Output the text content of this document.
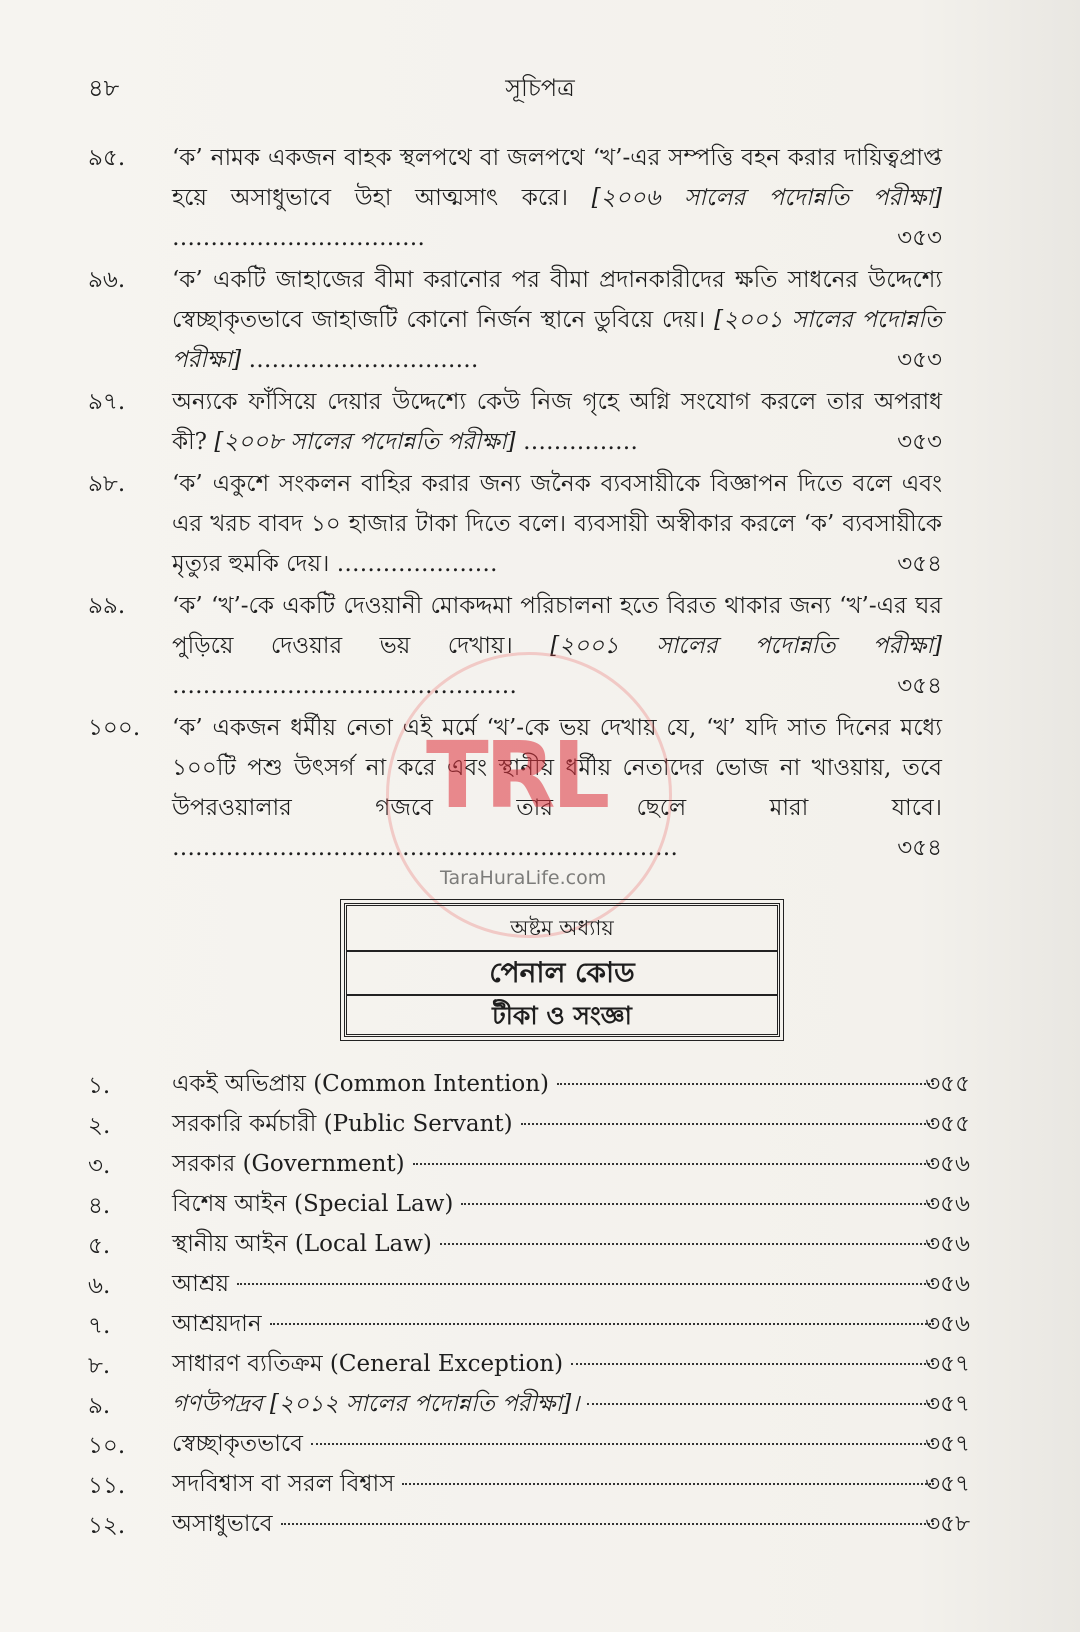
৪৮	সূচিপত্র
৯৫. ‘ক’ নামক একজন বাহক স্থলপথে বা জলপথে ‘খ’-এর সম্পত্তি বহন করার দায়িত্বপ্রাপ্ত হয়ে অসাধুভাবে উহা আত্মসাৎ করে। [২০০৬ সালের পদোন্নতি পরীক্ষা] ……………………………	৩৫৩
৯৬. ‘ক’ একটি জাহাজের বীমা করানোর পর বীমা প্রদানকারীদের ক্ষতি সাধনের উদ্দেশ্যে স্বেচ্ছাকৃতভাবে জাহাজটি কোনো নির্জন স্থানে ডুবিয়ে দেয়। [২০০১ সালের পদোন্নতি পরীক্ষা] …………………………	৩৫৩
৯৭. অন্যকে ফাঁসিয়ে দেয়ার উদ্দেশ্যে কেউ নিজ গৃহে অগ্নি সংযোগ করলে তার অপরাধ কী? [২০০৮ সালের পদোন্নতি পরীক্ষা] ……………	৩৫৩
৯৮. ‘ক’ একুশে সংকলন বাহির করার জন্য জনৈক ব্যবসায়ীকে বিজ্ঞাপন দিতে বলে এবং এর খরচ বাবদ ১০ হাজার টাকা দিতে বলে। ব্যবসায়ী অস্বীকার করলে ‘ক’ ব্যবসায়ীকে মৃত্যুর হুমকি দেয়। …………………	৩৫৪
৯৯. ‘ক’ ‘খ’-কে একটি দেওয়ানী মোকদ্দমা পরিচালনা হতে বিরত থাকার জন্য ‘খ’-এর ঘর পুড়িয়ে দেওয়ার ভয় দেখায়। [২০০১ সালের পদোন্নতি পরীক্ষা] ………………………………………	৩৫৪
১০০. ‘ক’ একজন ধর্মীয় নেতা এই মর্মে ‘খ’-কে ভয় দেখায় যে, ‘খ’ যদি সাত দিনের মধ্যে ১০০টি পশু উৎসর্গ না করে এবং স্থানীয় ধর্মীয় নেতাদের ভোজ না খাওয়ায়, তবে উপরওয়ালার গজবে তার ছেলে মারা যাবে। …………………………………………………………	৩৫৪
TRL
TaraHuraLife.com
অষ্টম অধ্যায়
পেনাল কোড
টীকা ও সংজ্ঞা
১.	একই অভিপ্রায় (Common Intention)	৩৫৫
২.	সরকারি কর্মচারী (Public Servant)	৩৫৫
৩.	সরকার (Government)	৩৫৬
৪.	বিশেষ আইন (Special Law)	৩৫৬
৫.	স্থানীয় আইন (Local Law)	৩৫৬
৬.	আশ্রয়	৩৫৬
৭.	আশ্রয়দান	৩৫৬
৮.	সাধারণ ব্যতিক্রম (Ceneral Exception)	৩৫৭
৯.	গণউপদ্রব [২০১২ সালের পদোন্নতি পরীক্ষা]।	৩৫৭
১০. স্বেচ্ছাকৃতভাবে	৩৫৭
১১. সদবিশ্বাস বা সরল বিশ্বাস	৩৫৭
১২. অসাধুভাবে	৩৫৮
